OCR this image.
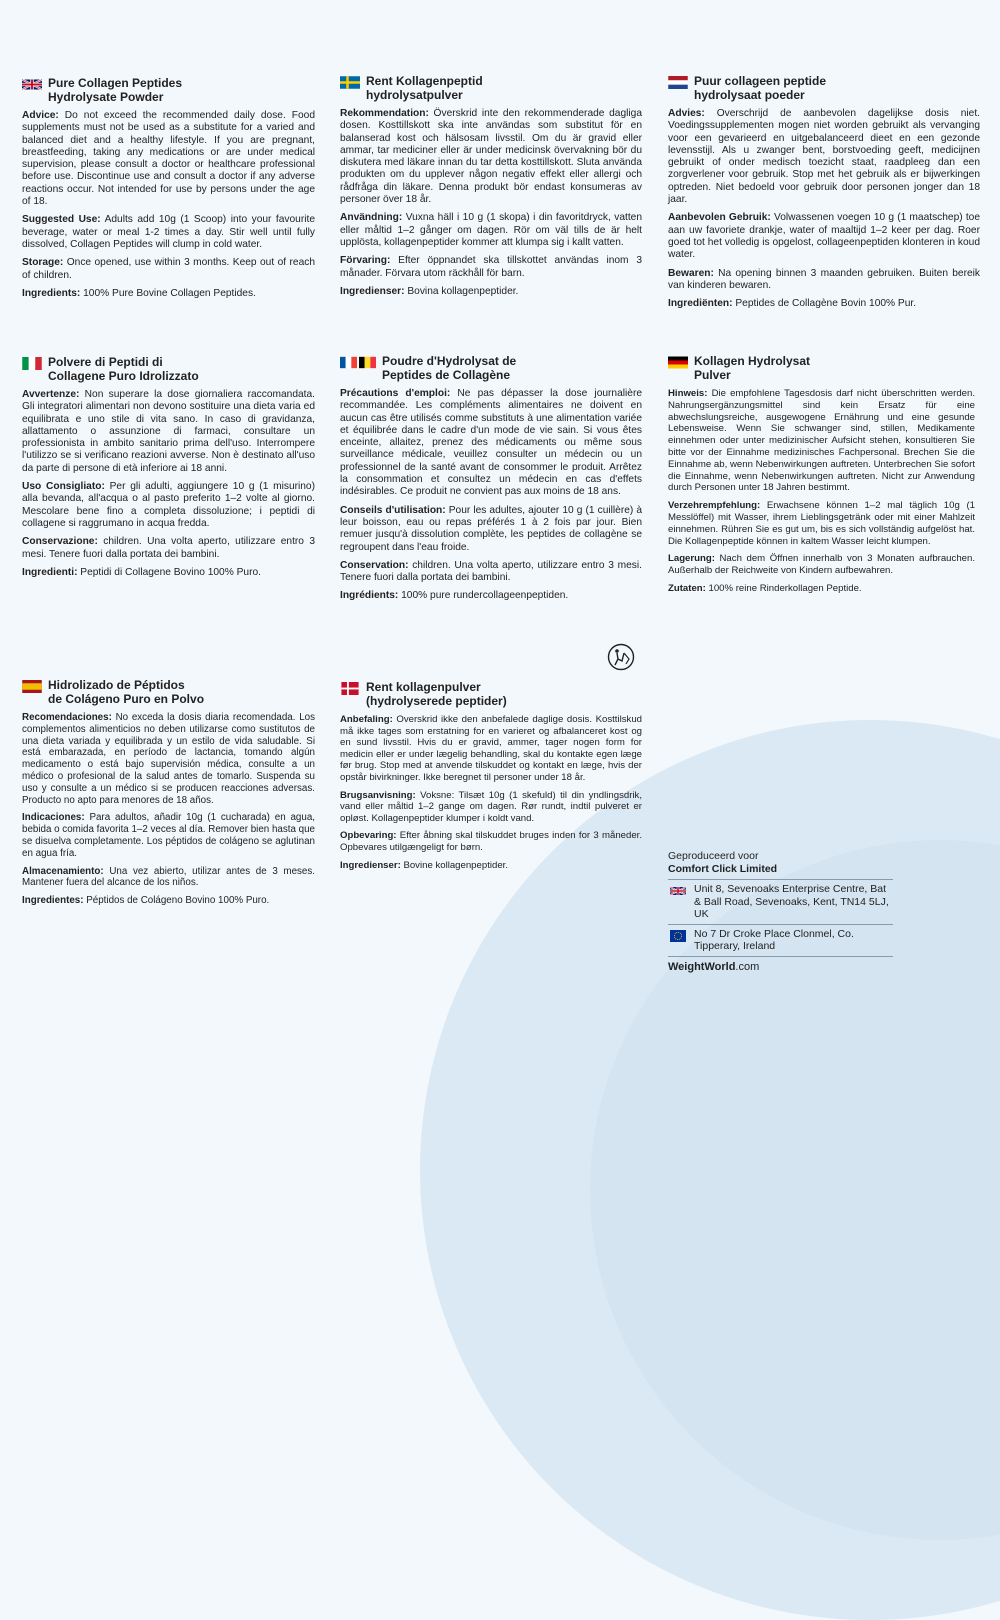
Pure Collagen Peptides
Hydrolysate Powder

Advice: Do not exceed the recommended daily dose. Food supplements must not be used as a substitute for a varied and balanced diet and a healthy lifestyle. If you are pregnant, breastfeeding, taking any medications or are under medical supervision, please consult a doctor or healthcare professional before use. Discontinue use and consult a doctor if any adverse reactions occur. Not intended for use by persons under the age of 18.

Suggested Use: Adults add 10g (1 Scoop) into your favourite beverage, water or meal 1-2 times a day. Stir well until fully dissolved, Collagen Peptides will clump in cold water.

Storage: Once opened, use within 3 months. Keep out of reach of children.

Ingredients: 100% Pure Bovine Collagen Peptides.

Rent Kollagenpeptid
hydrolysatpulver

Rekommendation: Överskrid inte den rekommenderade dagliga dosen. Kosttillskott ska inte användas som substitut för en balanserad kost och hälsosam livsstil. Om du är gravid eller ammar, tar mediciner eller är under medicinsk övervakning bör du diskutera med läkare innan du tar detta kosttillskott. Sluta använda produkten om du upplever någon negativ effekt eller allergi och rådfråga din läkare. Denna produkt bör endast konsumeras av personer över 18 år.

Användning: Vuxna häll i 10 g (1 skopa) i din favoritdryck, vatten eller måltid 1–2 gånger om dagen. Rör om väl tills de är helt upplösta, kollagenpeptider kommer att klumpa sig i kallt vatten.

Förvaring: Efter öppnandet ska tillskottet användas inom 3 månader. Förvara utom räckhåll för barn.

Ingredienser: Bovina kollagenpeptider.

Puur collageen peptide
hydrolysaat poeder

Advies: Overschrijd de aanbevolen dagelijkse dosis niet. Voedingssupplementen mogen niet worden gebruikt als vervanging voor een gevarieerd en uitgebalanceerd dieet en een gezonde levensstijl. Als u zwanger bent, borstvoeding geeft, medicijnen gebruikt of onder medisch toezicht staat, raadpleeg dan een zorgverlener voor gebruik. Stop met het gebruik als er bijwerkingen optreden. Niet bedoeld voor gebruik door personen jonger dan 18 jaar.

Aanbevolen Gebruik: Volwassenen voegen 10 g (1 maatschep) toe aan uw favoriete drankje, water of maaltijd 1–2 keer per dag. Roer goed tot het volledig is opgelost, collageenpeptiden klonteren in koud water.

Bewaren: Na opening binnen 3 maanden gebruiken. Buiten bereik van kinderen bewaren.

Ingrediënten: Peptides de Collagène Bovin 100% Pur.

Polvere di Peptidi di
Collagene Puro Idrolizzato

Avvertenze: Non superare la dose giornaliera raccomandata. Gli integratori alimentari non devono sostituire una dieta varia ed equilibrata e uno stile di vita sano. In caso di gravidanza, allattamento o assunzione di farmaci, consultare un professionista in ambito sanitario prima dell'uso. Interrompere l'utilizzo se si verificano reazioni avverse. Non è destinato all'uso da parte di persone di età inferiore ai 18 anni.

Uso Consigliato: Per gli adulti, aggiungere 10 g (1 misurino) alla bevanda, all'acqua o al pasto preferito 1–2 volte al giorno. Mescolare bene fino a completa dissoluzione; i peptidi di collagene si raggrumano in acqua fredda.

Conservazione: children. Una volta aperto, utilizzare entro 3 mesi. Tenere fuori dalla portata dei bambini.

Ingredienti: Peptidi di Collagene Bovino 100% Puro.

Poudre d'Hydrolysat de
Peptides de Collagène

Précautions d'emploi: Ne pas dépasser la dose journalière recommandée. Les compléments alimentaires ne doivent en aucun cas être utilisés comme substituts à une alimentation variée et équilibrée dans le cadre d'un mode de vie sain. Si vous êtes enceinte, allaitez, prenez des médicaments ou même sous surveillance médicale, veuillez consulter un médecin ou un professionnel de la santé avant de consommer le produit. Arrêtez la consommation et consultez un médecin en cas d'effets indésirables. Ce produit ne convient pas aux moins de 18 ans.

Conseils d'utilisation: Pour les adultes, ajouter 10 g (1 cuillère) à leur boisson, eau ou repas préférés 1 à 2 fois par jour. Bien remuer jusqu'à dissolution complète, les peptides de collagène se regroupent dans l'eau froide.

Conservation: children. Una volta aperto, utilizzare entro 3 mesi. Tenere fuori dalla portata dei bambini.

Ingrédients: 100% pure rundercollageenpeptiden.

Kollagen Hydrolysat
Pulver

Hinweis: Die empfohlene Tagesdosis darf nicht überschritten werden. Nahrungsergänzungsmittel sind kein Ersatz für eine abwechslungsreiche, ausgewogene Ernährung und eine gesunde Lebensweise. Wenn Sie schwanger sind, stillen, Medikamente einnehmen oder unter medizinischer Aufsicht stehen, konsultieren Sie bitte vor der Einnahme medizinisches Fachpersonal. Brechen Sie die Einnahme ab, wenn Nebenwirkungen auftreten. Unterbrechen Sie sofort die Einnahme, wenn Nebenwirkungen auftreten. Nicht zur Anwendung durch Personen unter 18 Jahren bestimmt.

Verzehrempfehlung: Erwachsene können 1–2 mal täglich 10g (1 Messlöffel) mit Wasser, ihrem Lieblingsgetränk oder mit einer Mahlzeit einnehmen. Rühren Sie es gut um, bis es sich vollständig aufgelöst hat. Die Kollagenpeptide können in kaltem Wasser leicht klumpen.

Lagerung: Nach dem Öffnen innerhalb von 3 Monaten aufbrauchen. Außerhalb der Reichweite von Kindern aufbewahren.

Zutaten: 100% reine Rinderkollagen Peptide.

Hidrolizado de Péptidos
de Colágeno Puro en Polvo

Recomendaciones: No exceda la dosis diaria recomendada. Los complementos alimenticios no deben utilizarse como sustitutos de una dieta variada y equilibrada y un estilo de vida saludable. Si está embarazada, en período de lactancia, tomando algún medicamento o está bajo supervisión médica, consulte a un médico o profesional de la salud antes de tomarlo. Suspenda su uso y consulte a un médico si se producen reacciones adversas. Producto no apto para menores de 18 años.

Indicaciones: Para adultos, añadir 10g (1 cucharada) en agua, bebida o comida favorita 1–2 veces al día. Remover bien hasta que se disuelva completamente. Los péptidos de colágeno se aglutinan en agua fría.

Almacenamiento: Una vez abierto, utilizar antes de 3 meses. Mantener fuera del alcance de los niños.

Ingredientes: Péptidos de Colágeno Bovino 100% Puro.

Rent kollagenpulver
(hydrolyserede peptider)

Anbefaling: Overskrid ikke den anbefalede daglige dosis. Kosttilskud må ikke tages som erstatning for en varieret og afbalanceret kost og en sund livsstil. Hvis du er gravid, ammer, tager nogen form for medicin eller er under lægelig behandling, skal du kontakte egen læge før brug. Stop med at anvende tilskuddet og kontakt en læge, hvis der opstår bivirkninger. Ikke beregnet til personer under 18 år.

Brugsanvisning: Voksne: Tilsæt 10g (1 skefuld) til din yndlingsdrik, vand eller måltid 1–2 gange om dagen. Rør rundt, indtil pulveret er opløst. Kollagenpeptider klumper i koldt vand.

Opbevaring: Efter åbning skal tilskuddet bruges inden for 3 måneder. Opbevares utilgængeligt for børn.

Ingredienser: Bovine kollagenpeptider.

Geproduceerd voor
Comfort Click Limited
Unit 8, Sevenoaks Enterprise Centre, Bat & Ball Road, Sevenoaks, Kent, TN14 5LJ, UK
No 7 Dr Croke Place Clonmel, Co. Tipperary, Ireland
WeightWorld.com
